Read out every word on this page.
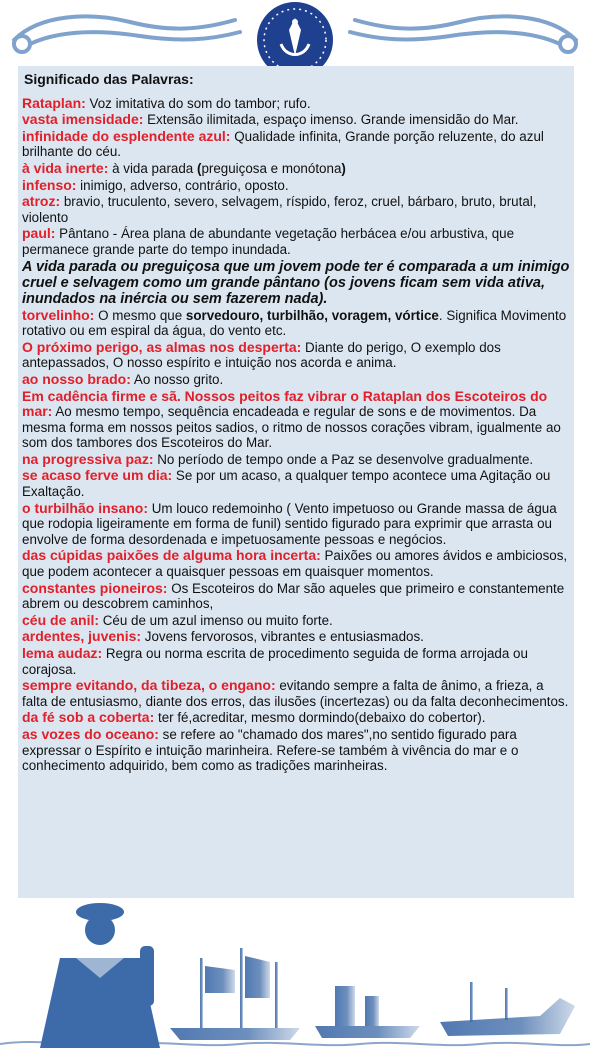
Significado das Palavras:
Rataplan: Voz imitativa do som do tambor; rufo.
vasta imensidade: Extensão ilimitada, espaço imenso. Grande imensidão do Mar.
infinidade do esplendente azul: Qualidade infinita, Grande porção reluzente, do azul brilhante do céu.
à vida inerte: à vida parada (preguiçosa e monótona)
infenso: inimigo, adverso, contrário, oposto.
atroz: bravio, truculento, severo, selvagem, ríspido, feroz, cruel, bárbaro, bruto, brutal, violento
paul: Pântano - Área plana de abundante vegetação herbácea e/ou arbustiva, que permanece grande parte do tempo inundada.
A vida parada ou preguiçosa que um jovem pode ter é comparada a um inimigo cruel e selvagem como um grande pântano (os jovens ficam sem vida ativa, inundados na inércia ou sem fazerem nada).
torvelinho: O mesmo que sorvedouro, turbilhão, voragem, vórtice. Significa Movimento rotativo ou em espiral da água, do vento etc.
O próximo perigo, as almas nos desperta: Diante do perigo, O exemplo dos antepassados, O nosso espírito e intuição nos acorda e anima.
ao nosso brado: Ao nosso grito.
Em cadência firme e sã. Nossos peitos faz vibrar o Rataplan dos Escoteiros do mar: Ao mesmo tempo, sequência encadeada e regular de sons e de movimentos. Da mesma forma em nossos peitos sadios, o ritmo de nossos corações vibram, igualmente ao som dos tambores dos Escoteiros do Mar.
na progressiva paz: No período de tempo onde a Paz se desenvolve gradualmente.
se acaso ferve um dia: Se por um acaso, a qualquer tempo acontece uma Agitação ou Exaltação.
o turbilhão insano: Um louco redemoinho ( Vento impetuoso ou Grande massa de água que rodopia ligeiramente em forma de funil) sentido figurado para exprimir que arrasta ou envolve de forma desordenada e impetuosamente pessoas e negócios.
das cúpidas paixões de alguma hora incerta: Paixões ou amores ávidos e ambiciosos, que podem acontecer a quaisquer pessoas em quaisquer momentos.
constantes pioneiros: Os Escoteiros do Mar são aqueles que primeiro e constantemente abrem ou descobrem caminhos,
céu de anil: Céu de um azul imenso ou muito forte.
ardentes, juvenis: Jovens fervorosos, vibrantes e entusiasmados.
lema audaz: Regra ou norma escrita de procedimento seguida de forma arrojada ou corajosa.
sempre evitando, da tibeza, o engano: evitando sempre a falta de ânimo, a frieza, a falta de entusiasmo, diante dos erros, das ilusões (incertezas) ou da falta deconhecimentos.
da fé sob a coberta: ter fé,acreditar, mesmo dormindo(debaixo do cobertor).
as vozes do oceano: se refere ao "chamado dos mares",no sentido figurado para expressar o Espírito e intuição marinheira. Refere-se também à vivência do mar e o conhecimento adquirido, bem como as tradições marinheiras.
